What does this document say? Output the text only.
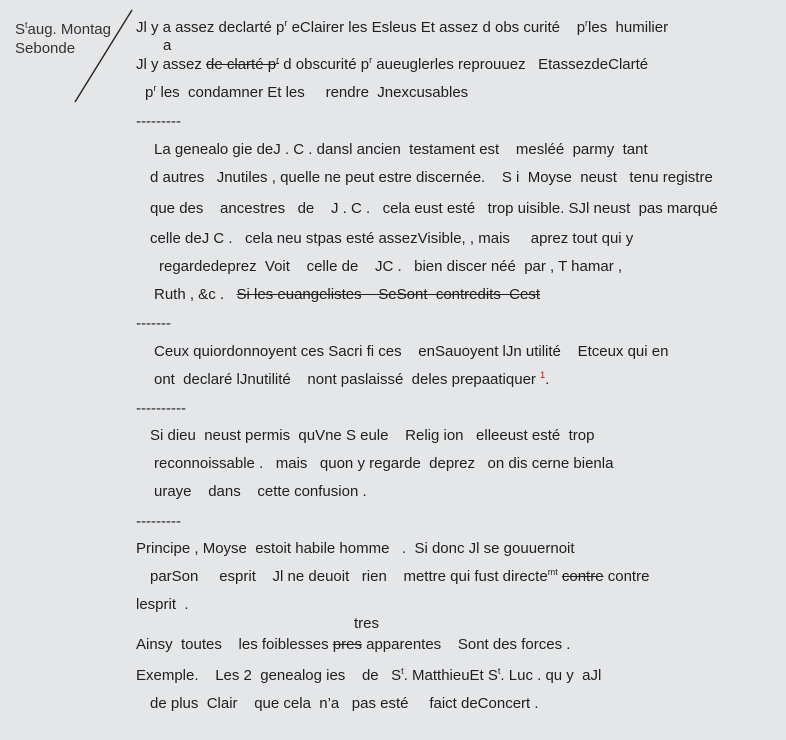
$S^taug$. Montag
Sebonde
Jl y a assez declarté $p^r$ eClairer les Esleus Et assez d obs curité    $p^rles$  humilier
a
Jl y assez de clarté $p^r$ d obscurité $p^r$ aueuglerles reprouuez   EtassezdeClarté
$p^r$ les  condamner Et les     rendre  Jnexcusables
---------
La genealo gie deJ . C . dansl ancien  testament est    mesléé  parmy  tant
d autres   Jnutiles , quelle ne peut estre discernée.    S i  Moyse  neust   tenu registre
que des    ancestres   de    J . C .   cela eust esté   trop uisible. SJl neust  pas marqué
celle deJ C .   cela neu stpas esté assezVisible, , mais     aprez tout qui y
regardedeprez  Voit    celle de    JC .   bien discer néé  par , T hamar ,
Ruth , &c .   Si les euangelistes    SeSont  contredits  Cest
-------
Ceux quiordonnoyent ces Sacri fi ces    enSauoyent lJn utilité    Etceux qui en
ont  declaré lJnutilité    nont paslaissé  deles prepaatiquer $^1$.
----------
Si dieu  neust permis  quVne S eule    Relig ion   elleeust esté  trop
reconnoissable .   mais   quon y regarde  deprez   on dis cerne bienla
uraye    dans    cette confusion .
---------
Principe , Moyse  estoit habile homme   .  Si donc Jl se gouuernoit
parSon     esprit    Jl ne deuoit   rien    mettre qui fust directe$^{mt}$ contre contre
lesprit  .
tres
Ainsy  toutes    les foiblesses pres apparentes    Sont des forces .
Exemple.    Les 2  genealog ies    de   $S^t$. MatthieuEt $S^t$. Luc . qu y  aJl
de plus  Clair    que cela  n’a   pas esté     faict deConcert .
